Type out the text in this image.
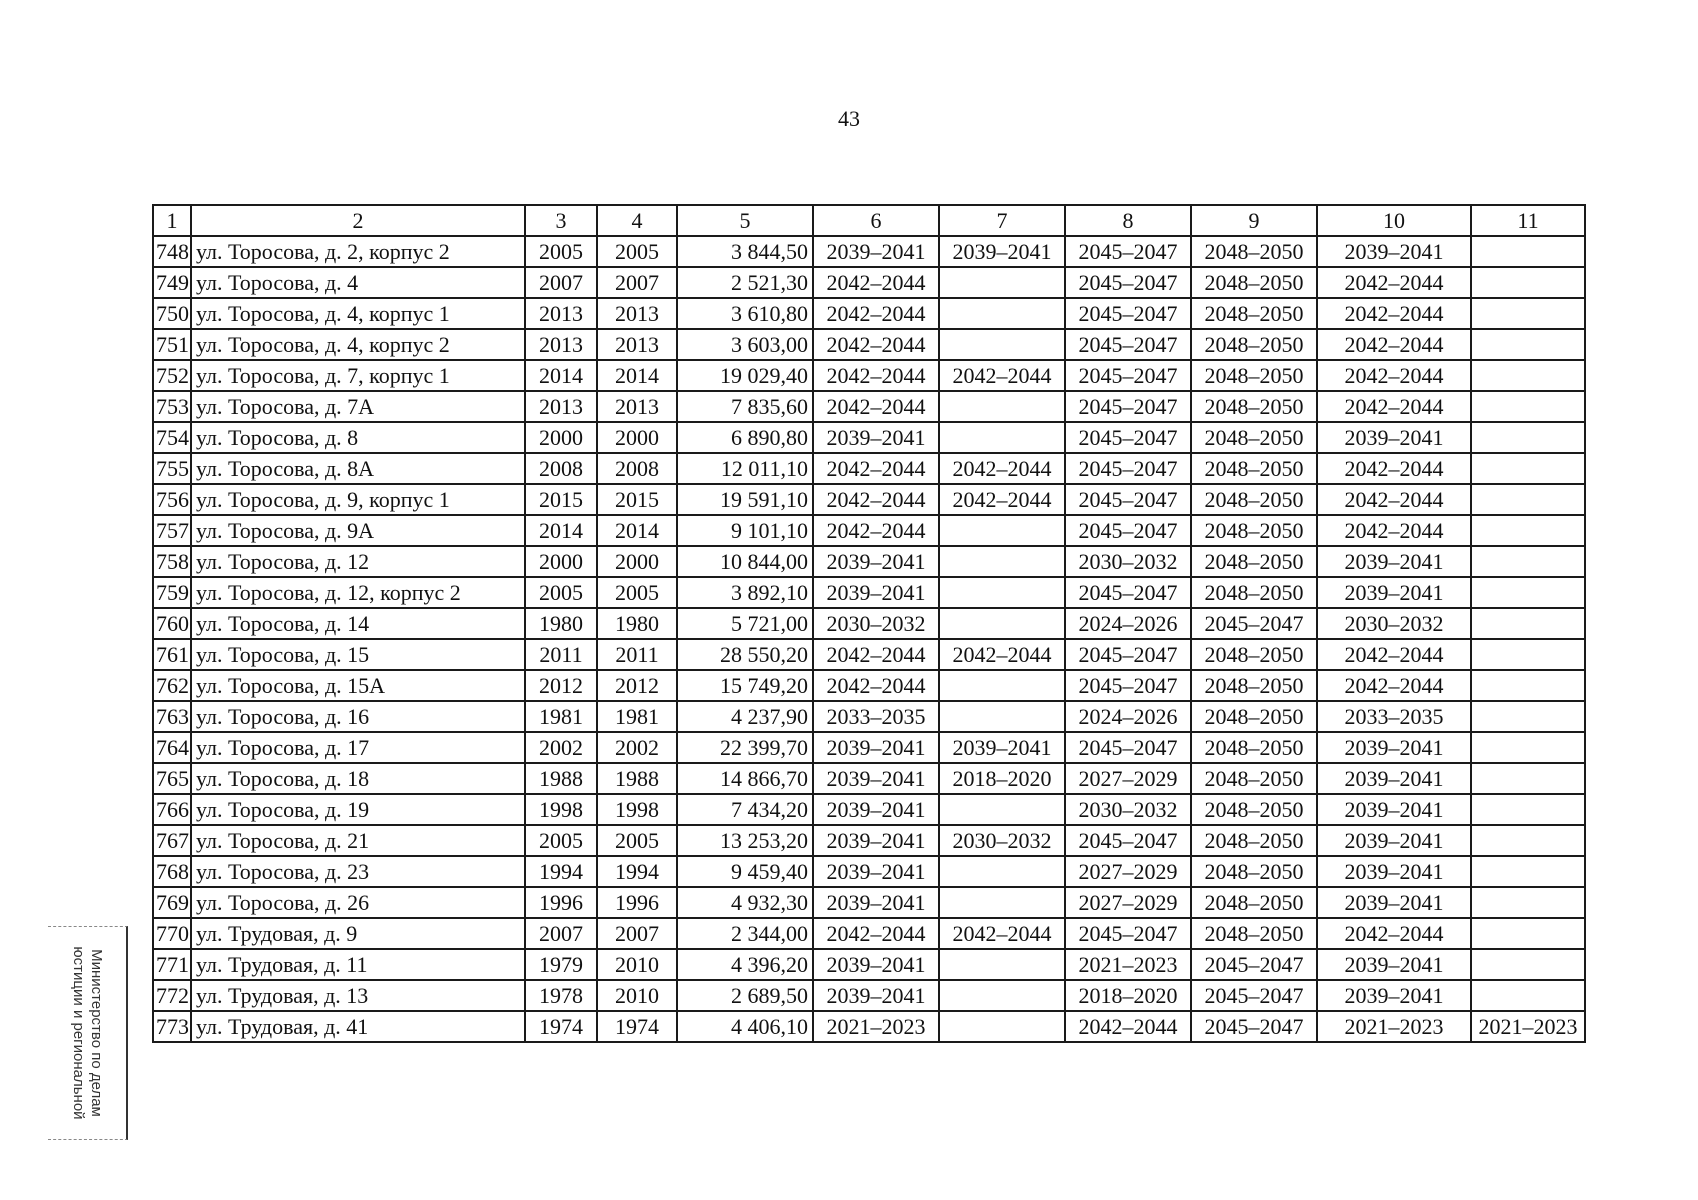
43
1	2	3	4	5	6	7	8	9	10	11
748	ул. Торосова, д. 2, корпус 2	2005	2005	3 844,50	2039–2041	2039–2041	2045–2047	2048–2050	2039–2041	
749	ул. Торосова, д. 4	2007	2007	2 521,30	2042–2044		2045–2047	2048–2050	2042–2044	
750	ул. Торосова, д. 4, корпус 1	2013	2013	3 610,80	2042–2044		2045–2047	2048–2050	2042–2044	
751	ул. Торосова, д. 4, корпус 2	2013	2013	3 603,00	2042–2044		2045–2047	2048–2050	2042–2044	
752	ул. Торосова, д. 7, корпус 1	2014	2014	19 029,40	2042–2044	2042–2044	2045–2047	2048–2050	2042–2044	
753	ул. Торосова, д. 7А	2013	2013	7 835,60	2042–2044		2045–2047	2048–2050	2042–2044	
754	ул. Торосова, д. 8	2000	2000	6 890,80	2039–2041		2045–2047	2048–2050	2039–2041	
755	ул. Торосова, д. 8А	2008	2008	12 011,10	2042–2044	2042–2044	2045–2047	2048–2050	2042–2044	
756	ул. Торосова, д. 9, корпус 1	2015	2015	19 591,10	2042–2044	2042–2044	2045–2047	2048–2050	2042–2044	
757	ул. Торосова, д. 9А	2014	2014	9 101,10	2042–2044		2045–2047	2048–2050	2042–2044	
758	ул. Торосова, д. 12	2000	2000	10 844,00	2039–2041		2030–2032	2048–2050	2039–2041	
759	ул. Торосова, д. 12, корпус 2	2005	2005	3 892,10	2039–2041		2045–2047	2048–2050	2039–2041	
760	ул. Торосова, д. 14	1980	1980	5 721,00	2030–2032		2024–2026	2045–2047	2030–2032	
761	ул. Торосова, д. 15	2011	2011	28 550,20	2042–2044	2042–2044	2045–2047	2048–2050	2042–2044	
762	ул. Торосова, д. 15А	2012	2012	15 749,20	2042–2044		2045–2047	2048–2050	2042–2044	
763	ул. Торосова, д. 16	1981	1981	4 237,90	2033–2035		2024–2026	2048–2050	2033–2035	
764	ул. Торосова, д. 17	2002	2002	22 399,70	2039–2041	2039–2041	2045–2047	2048–2050	2039–2041	
765	ул. Торосова, д. 18	1988	1988	14 866,70	2039–2041	2018–2020	2027–2029	2048–2050	2039–2041	
766	ул. Торосова, д. 19	1998	1998	7 434,20	2039–2041		2030–2032	2048–2050	2039–2041	
767	ул. Торосова, д. 21	2005	2005	13 253,20	2039–2041	2030–2032	2045–2047	2048–2050	2039–2041	
768	ул. Торосова, д. 23	1994	1994	9 459,40	2039–2041		2027–2029	2048–2050	2039–2041	
769	ул. Торосова, д. 26	1996	1996	4 932,30	2039–2041		2027–2029	2048–2050	2039–2041	
770	ул. Трудовая, д. 9	2007	2007	2 344,00	2042–2044	2042–2044	2045–2047	2048–2050	2042–2044	
771	ул. Трудовая, д. 11	1979	2010	4 396,20	2039–2041		2021–2023	2045–2047	2039–2041	
772	ул. Трудовая, д. 13	1978	2010	2 689,50	2039–2041		2018–2020	2045–2047	2039–2041	
773	ул. Трудовая, д. 41	1974	1974	4 406,10	2021–2023		2042–2044	2045–2047	2021–2023	2021–2023
Министерство по делам
юстиции и региональной
